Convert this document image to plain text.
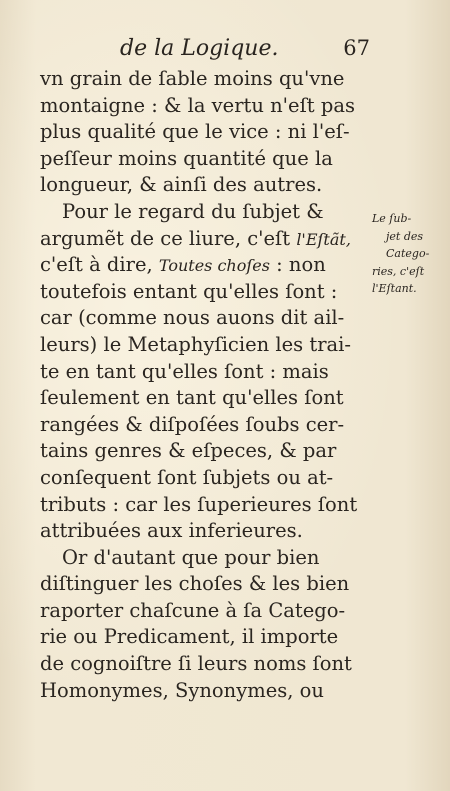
de la Logique.	67
vn grain de ſable moins qu'vne
montaigne : & la vertu n'eſt pas
plus qualité que le vice : ni l'eſ-
peſſeur moins quantité que la
longueur, & ainſi des autres.
Pour le regard du ſubjet &
argumẽt de ce liure, c'eſt l'Eſtãt,
c'eſt à dire, Toutes choſes : non
toutefois entant qu'elles ſont :
car (comme nous auons dit ail-
leurs) le Metaphyſicien les trai-
te en tant qu'elles ſont : mais
ſeulement en tant qu'elles ſont
rangées & diſpoſées ſoubs cer-
tains genres & eſpeces, & par
conſequent ſont ſubjets ou at-
tributs : car les ſuperieures ſont
attribuées aux inferieures.
Or d'autant que pour bien
diſtinguer les choſes & les bien
raporter chaſcune à ſa Catego-
rie ou Predicament, il importe
de cognoiſtre ſi leurs noms ſont
Homonymes, Synonymes, ou
Le ſub-
jet des
Catego-
ries, c'eſt
l'Eſtant.
